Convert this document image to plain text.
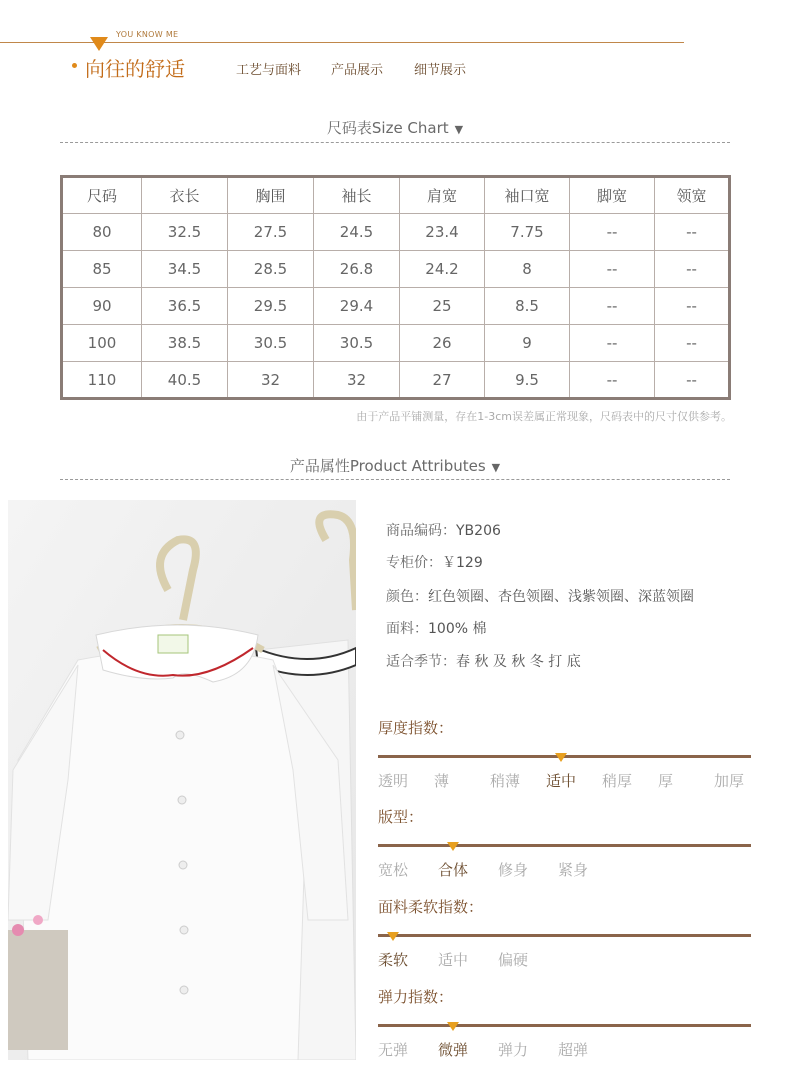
YOU KNOW ME
向往的舒适	工艺与面料 产品展示 细节展示
尺码表Size Chart ▼
尺码	衣长	胸围	袖长	肩宽	袖口宽	脚宽	领宽
80	32.5	27.5	24.5	23.4	7.75	--	--
85	34.5	28.5	26.8	24.2	8	--	--
90	36.5	29.5	29.4	25	8.5	--	--
100	38.5	30.5	30.5	26	9	--	--
110	40.5	32	32	27	9.5	--	--
由于产品平铺测量，存在1-3cm误差属正常现象，尺码表中的尺寸仅供参考。
产品属性Product Attributes ▼
商品编码：YB206
专柜价：￥129
颜色：红色领圈、杏色领圈、浅紫领圈、深蓝领圈
面料：100% 棉
适合季节：春 秋 及 秋 冬 打 底
厚度指数：
透明 薄	稍薄 适中 稍厚 厚	加厚
版型：
宽松 合体 修身 紧身
面料柔软指数：
柔软 适中 偏硬
弹力指数：
无弹 微弹 弹力 超弹
